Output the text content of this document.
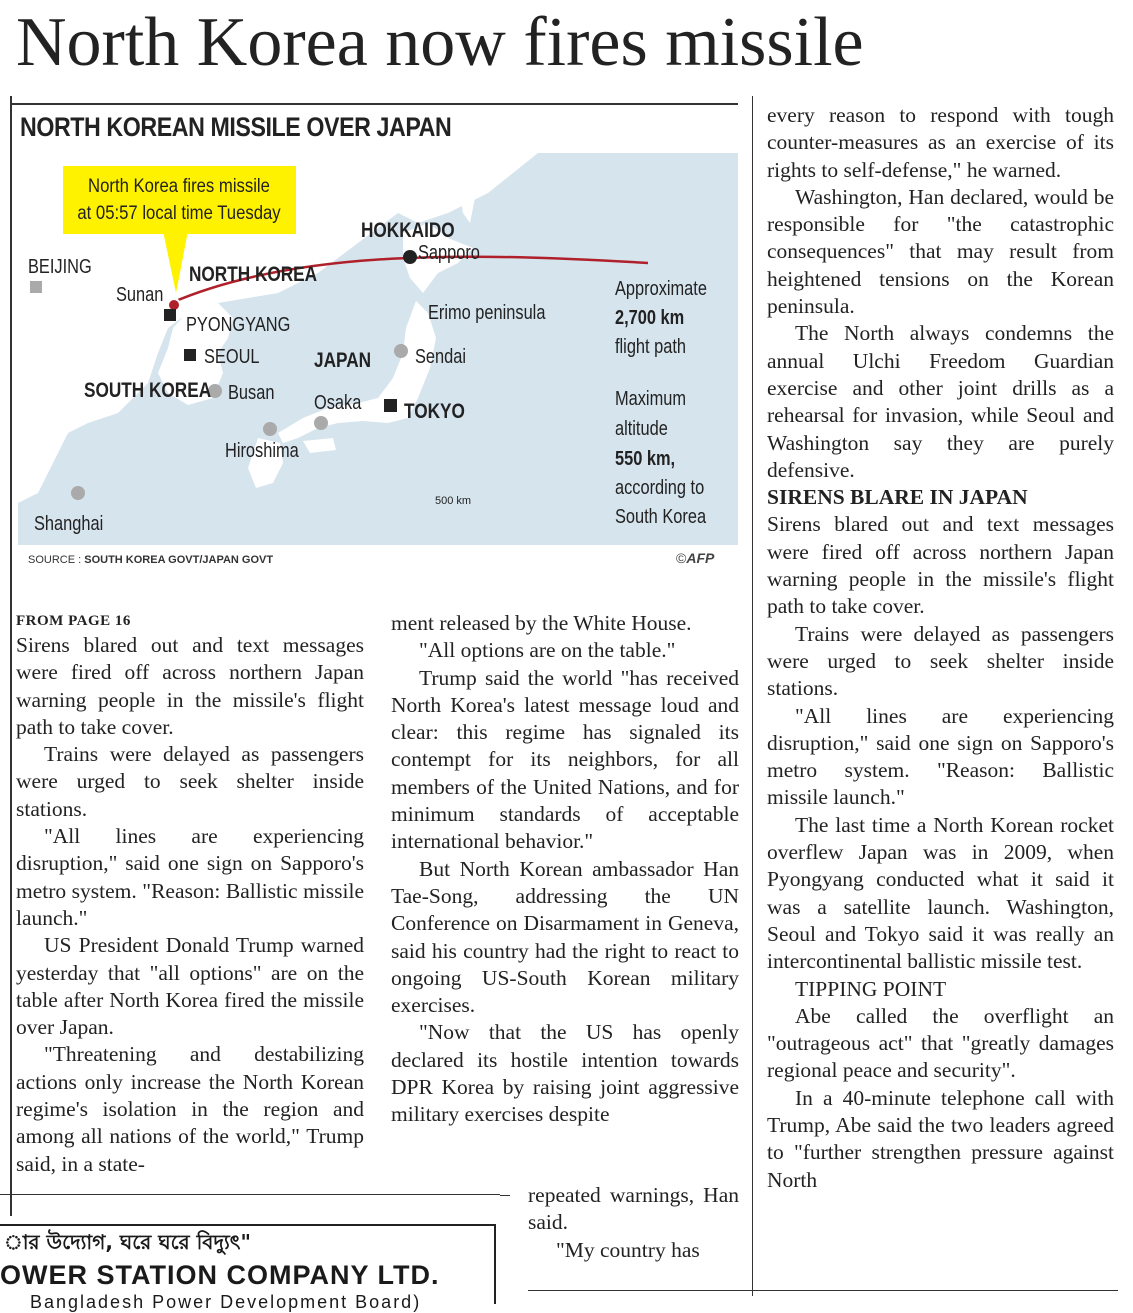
North Korea now fires missile
NORTH KOREAN MISSILE OVER JAPAN
North Korea fires missile
at 05:57 local time Tuesday
HOKKAIDO
Sapporo
BEIJING	NORTH KOREA
Sunan
PYONGYANG
SEOUL	JAPAN Sendai
Erimo peninsula
SOUTH KOREA Busan Osaka TOKYO
Hiroshima
Shanghai
500 km
Approximate
2,700 km
flight path
Maximum
altitude
550 km,
according to
South Korea
SOURCE : SOUTH KOREA GOVT/JAPAN GOVT	©AFP

FROM PAGE 16

Sirens blared out and text messages were fired off across northern Japan warning people in the missile's flight path to take cover.

Trains were delayed as passengers were urged to seek shelter inside stations.

"All lines are experiencing disruption," said one sign on Sapporo's metro system. "Reason: Ballistic missile launch."

US President Donald Trump warned yesterday that "all options" are on the table after North Korea fired the missile over Japan.

"Threatening and destabilizing actions only increase the North Korean regime's isolation in the region and among all nations of the world," Trump said, in a state-

ment released by the White House.

"All options are on the table."

Trump said the world "has received North Korea's latest message loud and clear: this regime has signaled its contempt for its neighbors, for all members of the United Nations, and for minimum standards of acceptable international behavior."

But North Korean ambassador Han Tae-Song, addressing the UN Conference on Disarmament in Geneva, said his country had the right to react to ongoing US-South Korean military exercises.

"Now that the US has openly declared its hostile intention towards DPR Korea by raising joint aggressive military exercises despite

repeated warnings, Han said.

"My country has

every reason to respond with tough counter-measures as an exercise of its rights to self-defense," he warned.

Washington, Han declared, would be responsible for "the catastrophic consequences" that may result from heightened tensions on the Korean peninsula.

The North always condemns the annual Ulchi Freedom Guardian exercise and other joint drills as a rehearsal for invasion, while Seoul and Washington say they are purely defensive.

SIRENS BLARE IN JAPAN

Sirens blared out and text messages were fired off across northern Japan warning people in the missile's flight path to take cover.

Trains were delayed as passengers were urged to seek shelter inside stations.

"All lines are experiencing disruption," said one sign on Sapporo's metro system. "Reason: Ballistic missile launch."

The last time a North Korean rocket overflew Japan was in 2009, when Pyongyang conducted what it said it was a satellite launch. Washington, Seoul and Tokyo said it was really an intercontinental ballistic missile test.

TIPPING POINT

Abe called the overflight an "outrageous act" that "greatly damages regional peace and security".

In a 40-minute telephone call with Trump, Abe said the two leaders agreed to "further strengthen pressure against North

ার উদ্যোগ, ঘরে ঘরে বিদ্যুৎ"
OWER STATION COMPANY LTD.
Bangladesh Power Development Board)
